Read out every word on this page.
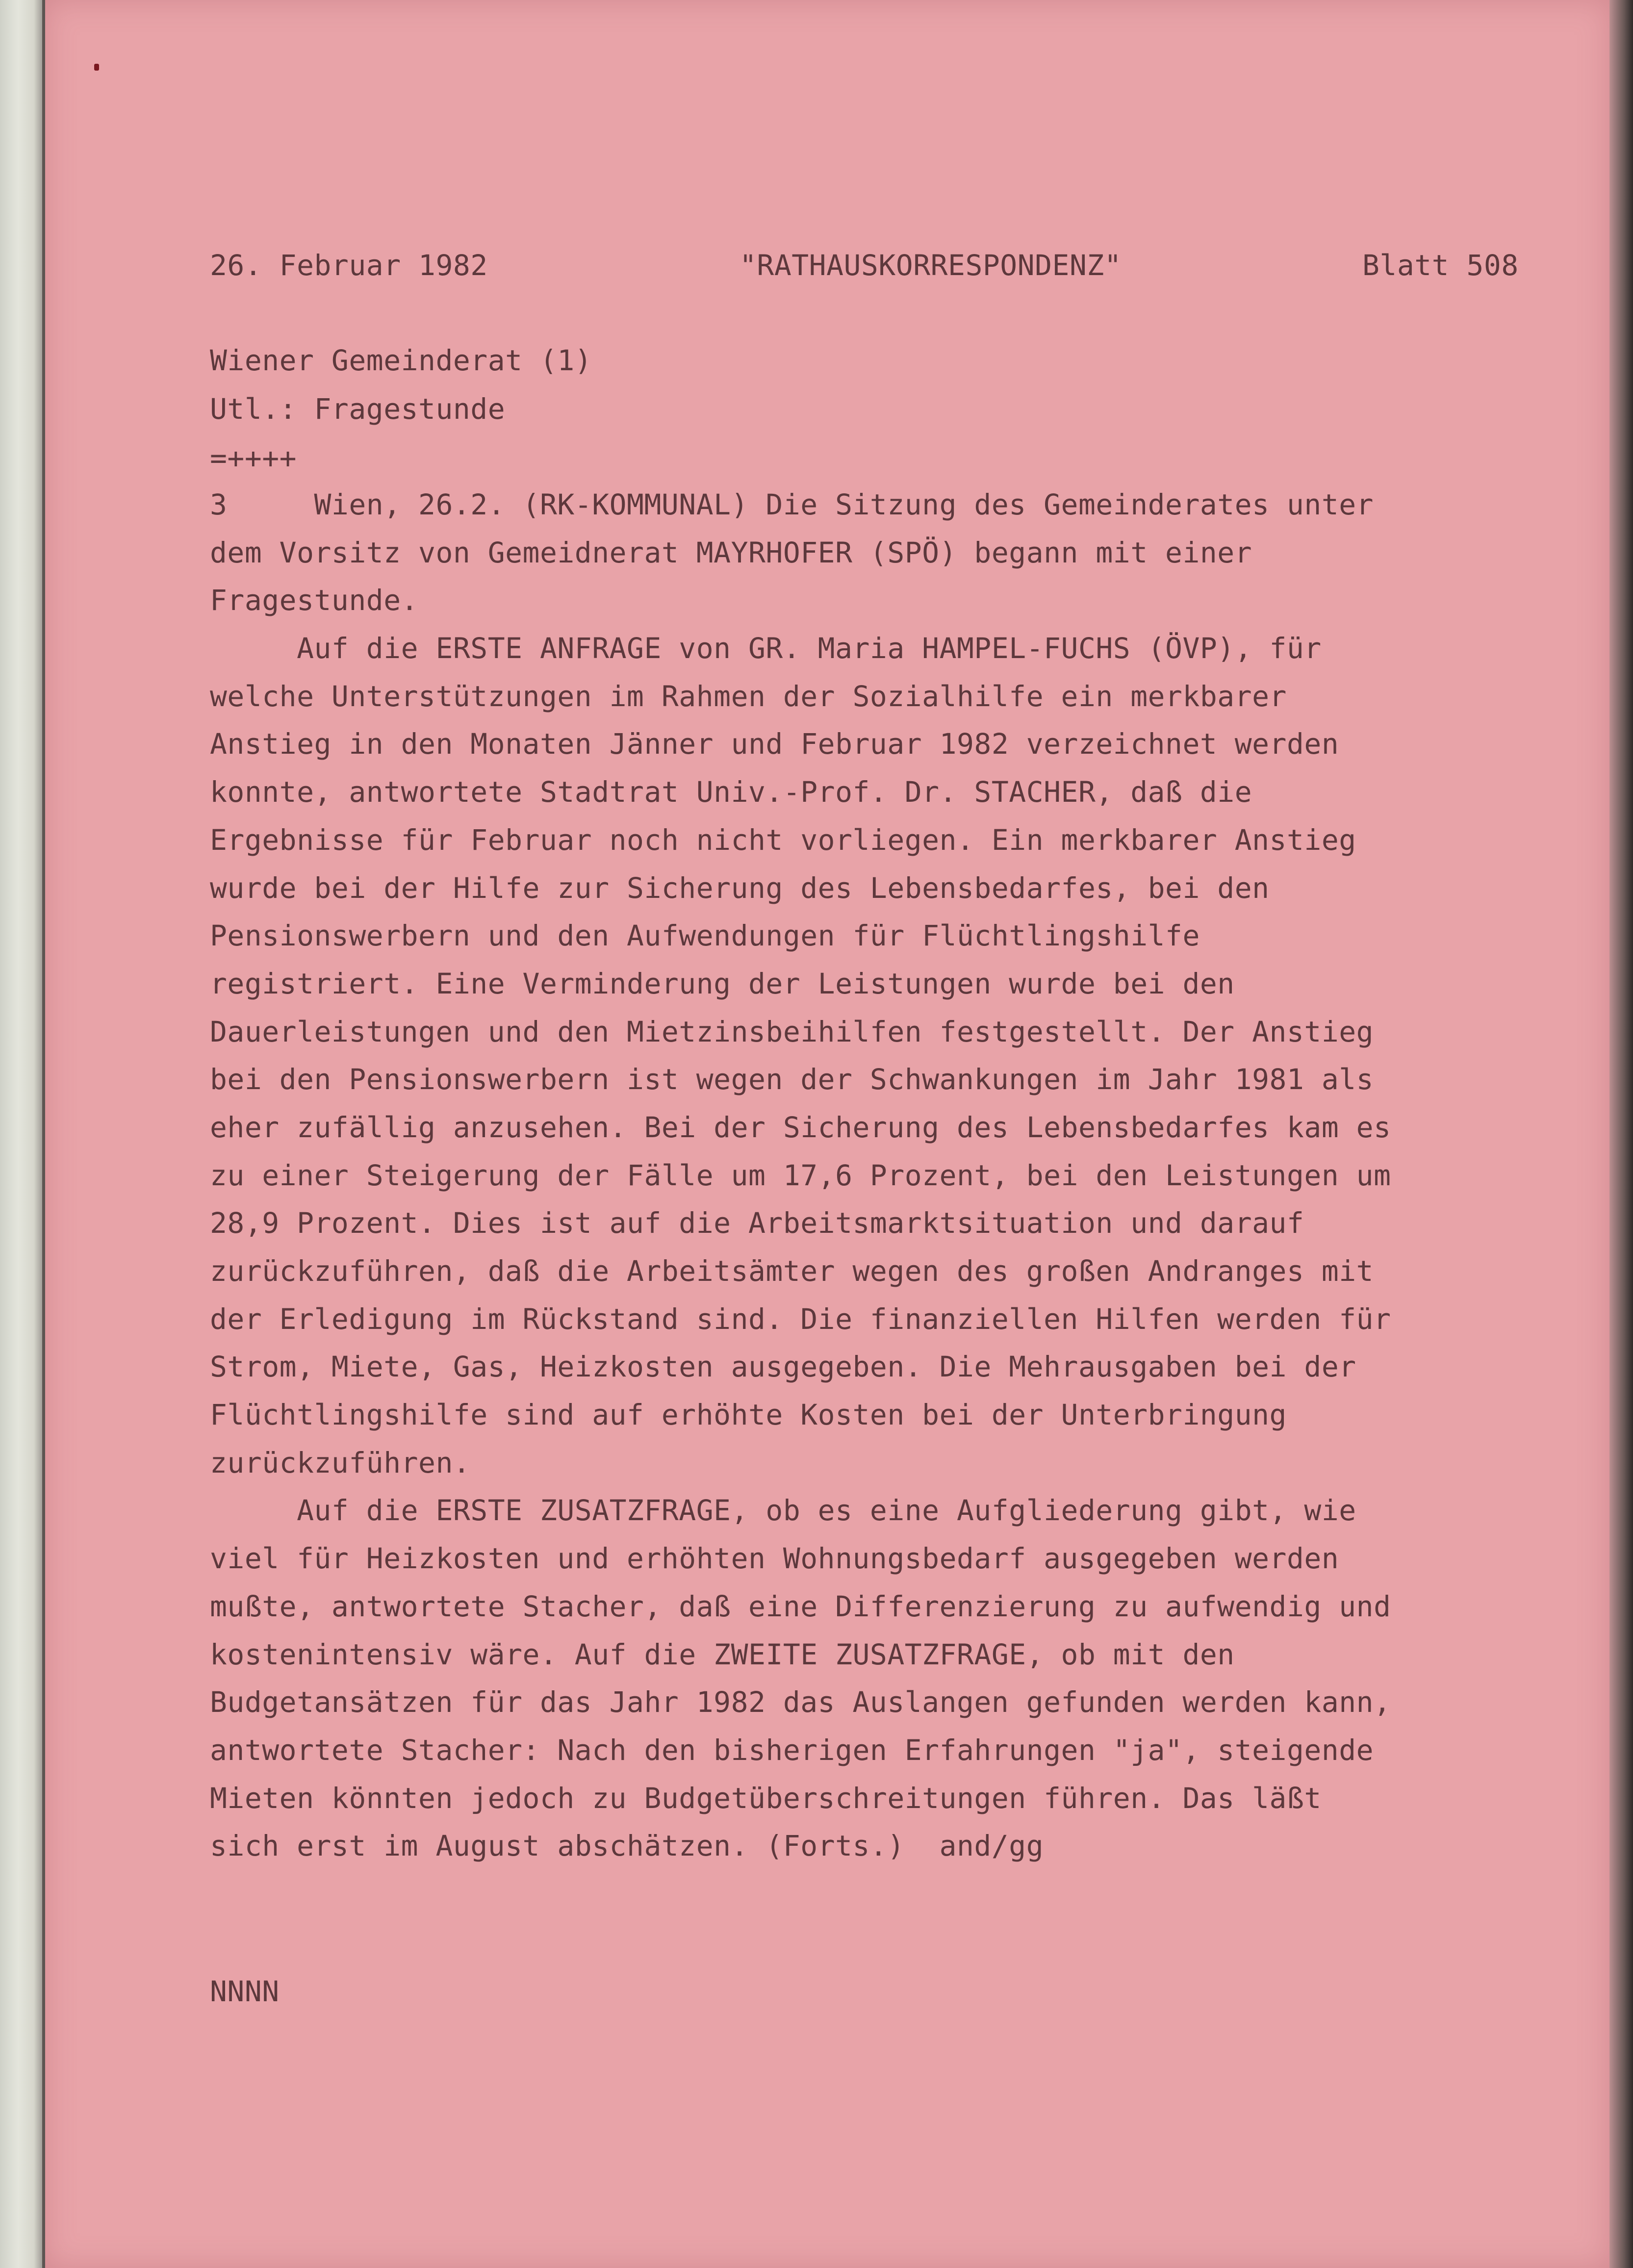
26. Februar 1982	"RATHAUSKORRESPONDENZ"	Blatt 508

Wiener Gemeinderat (1)

Utl.: Fragestunde

=++++

3     Wien, 26.2. (RK-KOMMUNAL) Die Sitzung des Gemeinderates unter
dem Vorsitz von Gemeidnerat MAYRHOFER (SPÖ) begann mit einer
Fragestunde.
Auf die ERSTE ANFRAGE von GR. Maria HAMPEL-FUCHS (ÖVP), für
welche Unterstützungen im Rahmen der Sozialhilfe ein merkbarer
Anstieg in den Monaten Jänner und Februar 1982 verzeichnet werden
konnte, antwortete Stadtrat Univ.-Prof. Dr. STACHER, daß die
Ergebnisse für Februar noch nicht vorliegen. Ein merkbarer Anstieg
wurde bei der Hilfe zur Sicherung des Lebensbedarfes, bei den
Pensionswerbern und den Aufwendungen für Flüchtlingshilfe
registriert. Eine Verminderung der Leistungen wurde bei den
Dauerleistungen und den Mietzinsbeihilfen festgestellt. Der Anstieg
bei den Pensionswerbern ist wegen der Schwankungen im Jahr 1981 als
eher zufällig anzusehen. Bei der Sicherung des Lebensbedarfes kam es
zu einer Steigerung der Fälle um 17,6 Prozent, bei den Leistungen um
28,9 Prozent. Dies ist auf die Arbeitsmarktsituation und darauf
zurückzuführen, daß die Arbeitsämter wegen des großen Andranges mit
der Erledigung im Rückstand sind. Die finanziellen Hilfen werden für
Strom, Miete, Gas, Heizkosten ausgegeben. Die Mehrausgaben bei der
Flüchtlingshilfe sind auf erhöhte Kosten bei der Unterbringung
zurückzuführen.
Auf die ERSTE ZUSATZFRAGE, ob es eine Aufgliederung gibt, wie
viel für Heizkosten und erhöhten Wohnungsbedarf ausgegeben werden
mußte, antwortete Stacher, daß eine Differenzierung zu aufwendig und
kostenintensiv wäre. Auf die ZWEITE ZUSATZFRAGE, ob mit den
Budgetansätzen für das Jahr 1982 das Auslangen gefunden werden kann,
antwortete Stacher: Nach den bisherigen Erfahrungen "ja", steigende
Mieten könnten jedoch zu Budgetüberschreitungen führen. Das läßt
sich erst im August abschätzen. (Forts.)  and/gg

NNNN
